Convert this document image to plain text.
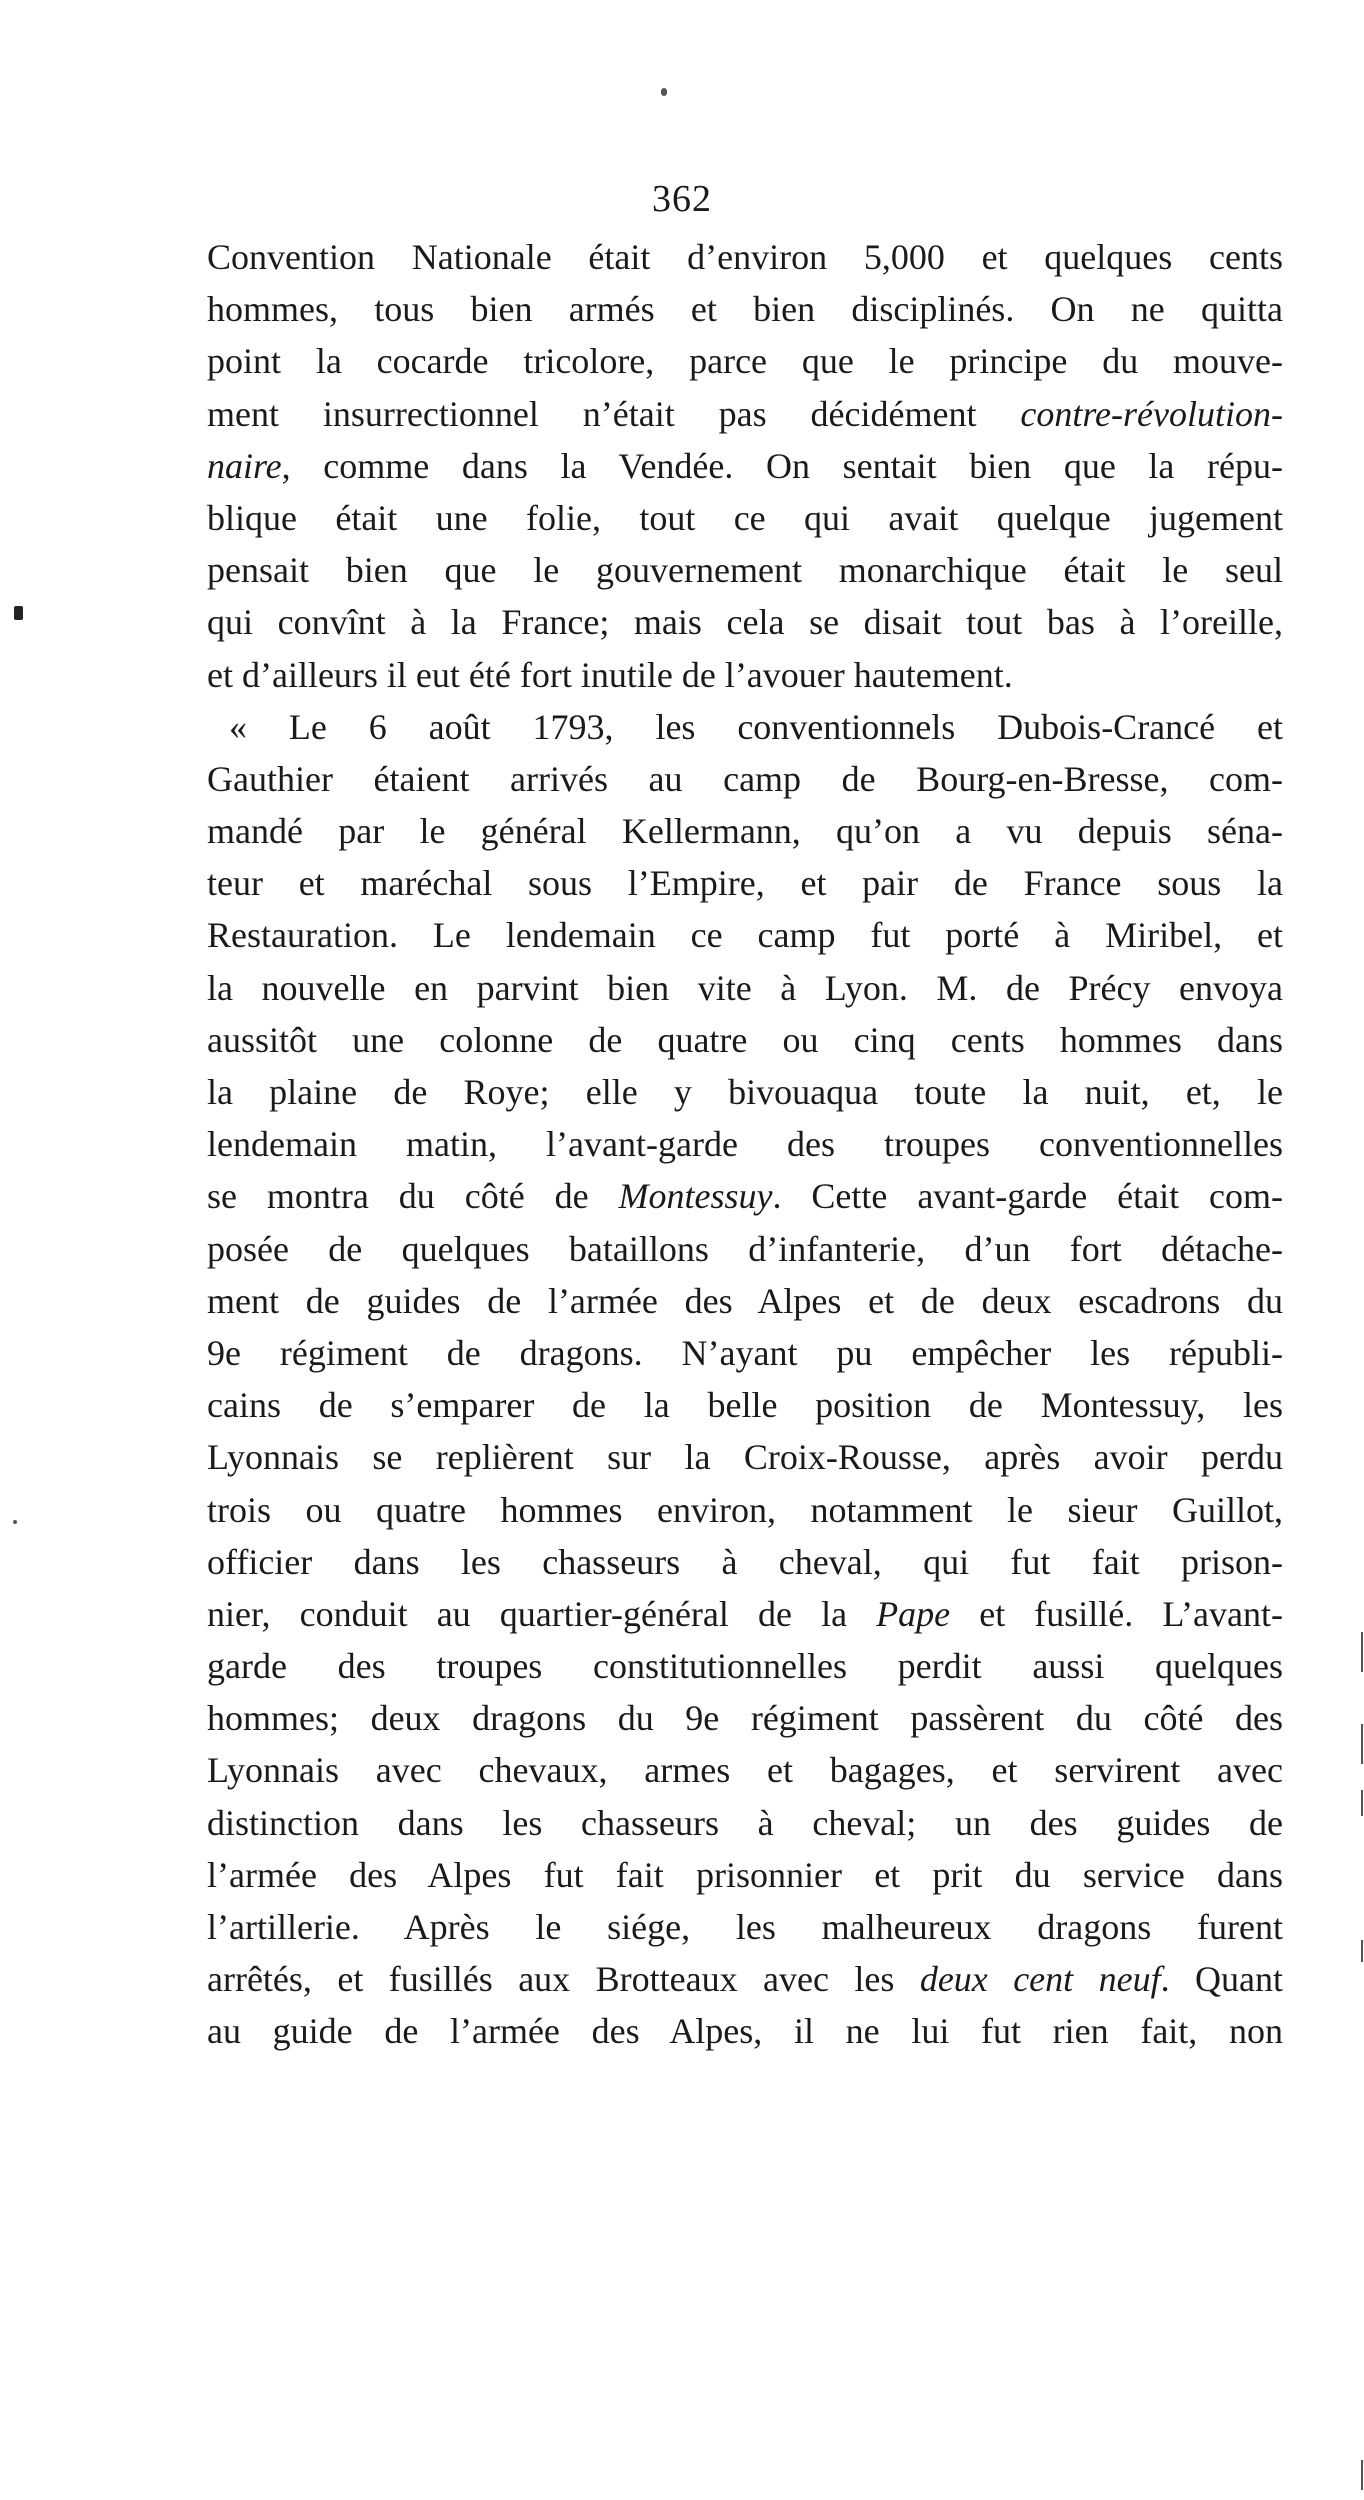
362
Convention Nationale était d’environ 5,000 et quelques cents
hommes, tous bien armés et bien disciplinés. On ne quitta
point la cocarde tricolore, parce que le principe du mouve-
ment insurrectionnel n’était pas décidément contre-révolution-
naire, comme dans la Vendée. On sentait bien que la répu-
blique était une folie, tout ce qui avait quelque jugement
pensait bien que le gouvernement monarchique était le seul
qui convînt à la France; mais cela se disait tout bas à l’oreille,
et d’ailleurs il eut été fort inutile de l’avouer hautement.
« Le 6 août 1793, les conventionnels Dubois-Crancé et
Gauthier étaient arrivés au camp de Bourg-en-Bresse, com-
mandé par le général Kellermann, qu’on a vu depuis séna-
teur et maréchal sous l’Empire, et pair de France sous la
Restauration. Le lendemain ce camp fut porté à Miribel, et
la nouvelle en parvint bien vite à Lyon. M. de Précy envoya
aussitôt une colonne de quatre ou cinq cents hommes dans
la plaine de Roye; elle y bivouaqua toute la nuit, et, le
lendemain matin, l’avant-garde des troupes conventionnelles
se montra du côté de Montessuy. Cette avant-garde était com-
posée de quelques bataillons d’infanterie, d’un fort détache-
ment de guides de l’armée des Alpes et de deux escadrons du
9e régiment de dragons. N’ayant pu empêcher les républi-
cains de s’emparer de la belle position de Montessuy, les
Lyonnais se replièrent sur la Croix-Rousse, après avoir perdu
trois ou quatre hommes environ, notamment le sieur Guillot,
officier dans les chasseurs à cheval, qui fut fait prison-
nier, conduit au quartier-général de la Pape et fusillé. L’avant-
garde des troupes constitutionnelles perdit aussi quelques
hommes; deux dragons du 9e régiment passèrent du côté des
Lyonnais avec chevaux, armes et bagages, et servirent avec
distinction dans les chasseurs à cheval; un des guides de
l’armée des Alpes fut fait prisonnier et prit du service dans
l’artillerie. Après le siége, les malheureux dragons furent
arrêtés, et fusillés aux Brotteaux avec les deux cent neuf. Quant
au guide de l’armée des Alpes, il ne lui fut rien fait, non
